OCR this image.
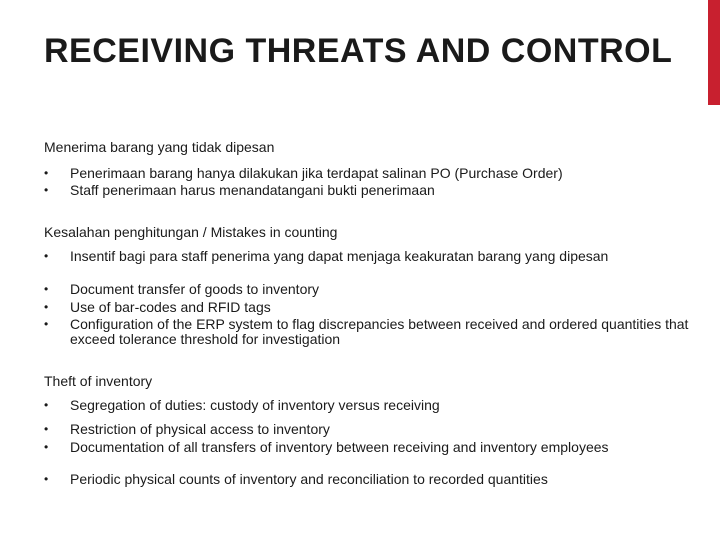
RECEIVING THREATS AND CONTROL
Menerima barang yang tidak dipesan
• Penerimaan barang hanya dilakukan jika terdapat salinan PO (Purchase Order)
• Staff penerimaan harus menandatangani bukti penerimaan
Kesalahan penghitungan / Mistakes in counting
• Insentif bagi para staff penerima yang dapat menjaga keakuratan barang yang dipesan
• Document transfer of goods to inventory
• Use of bar-codes and RFID tags
• Configuration of the ERP system to flag discrepancies between received and ordered quantities that exceed tolerance threshold for investigation
Theft of inventory
• Segregation of duties: custody of inventory versus receiving
• Restriction of physical access to inventory
• Documentation of all transfers of inventory between receiving and inventory employees
• Periodic physical counts of inventory and reconciliation to recorded quantities
